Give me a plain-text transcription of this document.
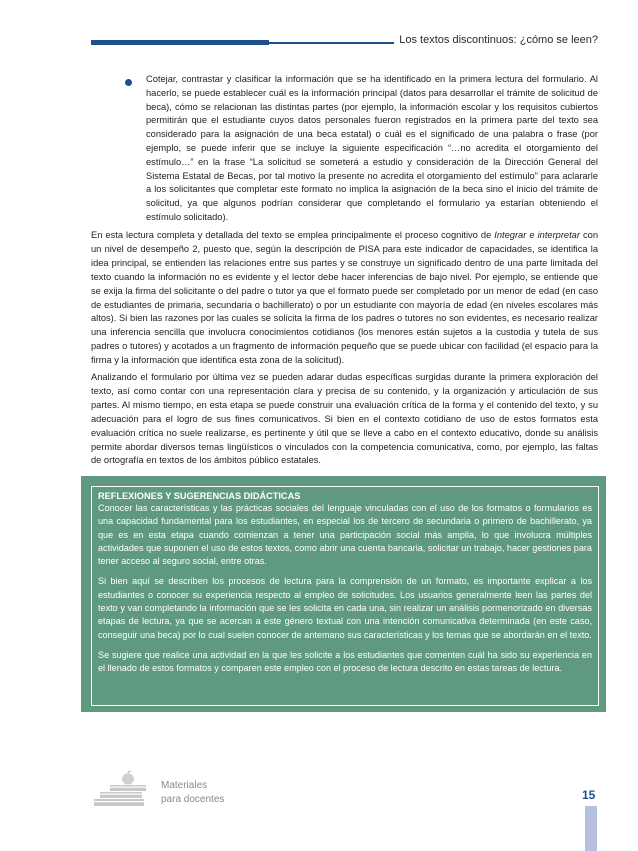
Los textos discontinuos: ¿cómo se leen?
Cotejar, contrastar y clasificar la información que se ha identificado en la primera lectura del formulario. Al hacerlo, se puede establecer cuál es la información principal (datos para desarrollar el trámite de solicitud de beca), cómo se relacionan las distintas partes (por ejemplo, la información escolar y los requisitos cubiertos permitirán que el estudiante cuyos datos personales fueron registrados en la primera parte del texto sea considerado para la asignación de una beca estatal) o cuál es el significado de una palabra o frase (por ejemplo, se puede inferir que se incluye la siguiente especificación “…no acredita el otorgamiento del estímulo…” en la frase “La solicitud se someterá a estudio y consideración de la Dirección General del Sistema Estatal de Becas, por tal motivo la presente no acredita el otorgamiento del estímulo” para aclararle a los solicitantes que completar este formato no implica la asignación de la beca sino el inicio del trámite de solicitud, ya que algunos podrían considerar que completando el formulario ya estarían obteniendo el estímulo solicitado).

En esta lectura completa y detallada del texto se emplea principalmente el proceso cognitivo de Integrar e interpretar con un nivel de desempeño 2, puesto que, según la descripción de PISA para este indicador de capacidades, se identifica la idea principal, se entienden las relaciones entre sus partes y se construye un significado dentro de una parte limitada del texto cuando la información no es evidente y el lector debe hacer inferencias de bajo nivel. Por ejemplo, se entiende que se exija la firma del solicitante o del padre o tutor ya que el formato puede ser completado por un menor de edad (en caso de estudiantes de primaria, secundaria o bachillerato) o por un estudiante con mayoría de edad (en niveles escolares más altos). Si bien las razones por las cuales se solicita la firma de los padres o tutores no son evidentes, es necesario realizar una inferencia sencilla que involucra conocimientos cotidianos (los menores están sujetos a la custodia y tutela de sus padres o tutores) y acotados a un fragmento de información pequeño que se puede ubicar con facilidad (el espacio para la firma y la información que identifica esta zona de la solicitud).

Analizando el formulario por última vez se pueden adarar dudas específicas surgidas durante la primera exploración del texto, así como contar con una representación clara y precisa de su contenido, y la organización y articulación de sus partes. Al mismo tiempo, en esta etapa se puede construir una evaluación crítica de la forma y el contenido del texto, y su adecuación para el logro de sus fines comunicativos. Si bien en el contexto cotidiano de uso de estos formatos esta evaluación crítica no suele realizarse, es pertinente y útil que se lleve a cabo en el contexto educativo, donde su análisis permite abordar diversos temas lingüísticos o vinculados con la competencia comunicativa, como, por ejemplo, las faltas de ortografía en textos de los ámbitos público estatales.

REFLEXIONES Y SUGERENCIAS DIDÁCTICAS

Conocer las características y las prácticas sociales del lenguaje vinculadas con el uso de los formatos o formularios es una capacidad fundamental para los estudiantes, en especial los de tercero de secundaria o primero de bachillerato, ya que es en esta etapa cuando comienzan a tener una participación social más amplia, lo que involucra múltiples actividades que suponen el uso de estos textos, como abrir una cuenta bancaria, solicitar un trabajo, hacer gestiones para tener acceso al seguro social, entre otras.

Si bien aquí se describen los procesos de lectura para la comprensión de un formato, es importante explicar a los estudiantes o conocer su experiencia respecto al empleo de solicitudes. Los usuarios generalmente leen las partes del texto y van completando la información que se les solicita en cada una, sin realizar un análisis pormenorizado en diversas etapas de lectura, ya que se acercan a este género textual con una intención comunicativa determinada (en este caso, conseguir una beca) por lo cual suelen conocer de antemano sus características y los temas que se abordarán en el texto.

Se sugiere que realice una actividad en la que les solicite a los estudiantes que comenten cuál ha sido su experiencia en el llenado de estos formatos y comparen este empleo con el proceso de lectura descrito en estas tareas de lectura.

Materiales
para docentes	15
